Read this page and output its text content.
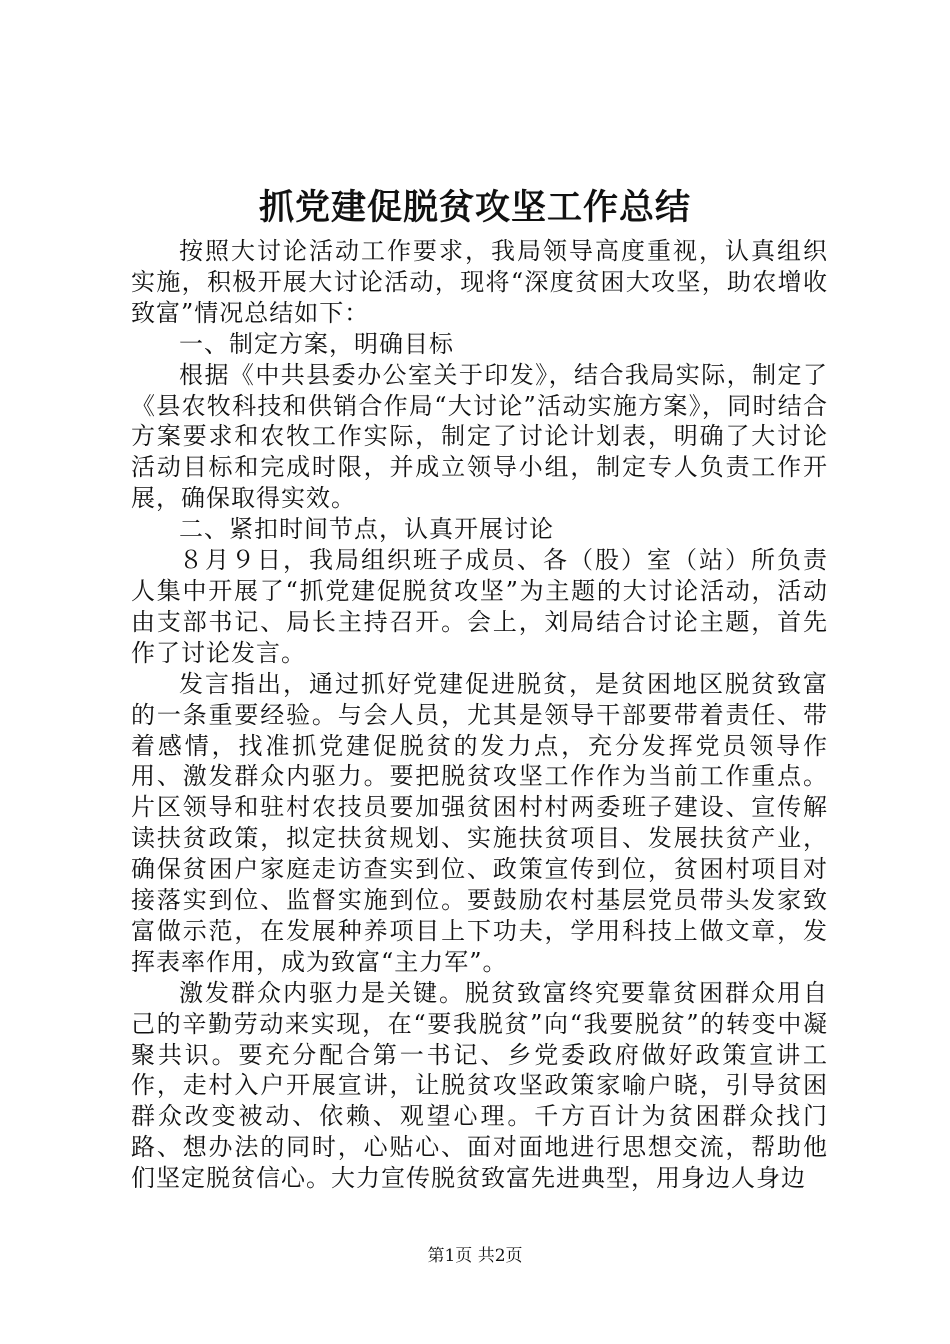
抓党建促脱贫攻坚工作总结

按照大讨论活动工作要求，我局领导高度重视，认真组织实施，积极开展大讨论活动，现将“深度贫困大攻坚，助农增收致富”情况总结如下：

一、制定方案，明确目标

根据《中共县委办公室关于印发》，结合我局实际，制定了《县农牧科技和供销合作局“大讨论”活动实施方案》，同时结合方案要求和农牧工作实际，制定了讨论计划表，明确了大讨论活动目标和完成时限，并成立领导小组，制定专人负责工作开展，确保取得实效。

二、紧扣时间节点，认真开展讨论

８月９日，我局组织班子成员、各（股）室（站）所负责人集中开展了“抓党建促脱贫攻坚”为主题的大讨论活动，活动由支部书记、局长主持召开。会上，刘局结合讨论主题，首先作了讨论发言。

发言指出，通过抓好党建促进脱贫，是贫困地区脱贫致富的一条重要经验。与会人员，尤其是领导干部要带着责任、带着感情，找准抓党建促脱贫的发力点，充分发挥党员领导作用、激发群众内驱力。要把脱贫攻坚工作作为当前工作重点。片区领导和驻村农技员要加强贫困村村两委班子建设、宣传解读扶贫政策，拟定扶贫规划、实施扶贫项目、发展扶贫产业，确保贫困户家庭走访查实到位、政策宣传到位，贫困村项目对接落实到位、监督实施到位。要鼓励农村基层党员带头发家致富做示范，在发展种养项目上下功夫，学用科技上做文章，发挥表率作用，成为致富“主力军”。

激发群众内驱力是关键。脱贫致富终究要靠贫困群众用自己的辛勤劳动来实现，在“要我脱贫”向“我要脱贫”的转变中凝聚共识。要充分配合第一书记、乡党委政府做好政策宣讲工作，走村入户开展宣讲，让脱贫攻坚政策家喻户晓，引导贫困群众改变被动、依赖、观望心理。千方百计为贫困群众找门路、想办法的同时，心贴心、面对面地进行思想交流，帮助他们坚定脱贫信心。大力宣传脱贫致富先进典型，用身边人身边

第1页 共2页
